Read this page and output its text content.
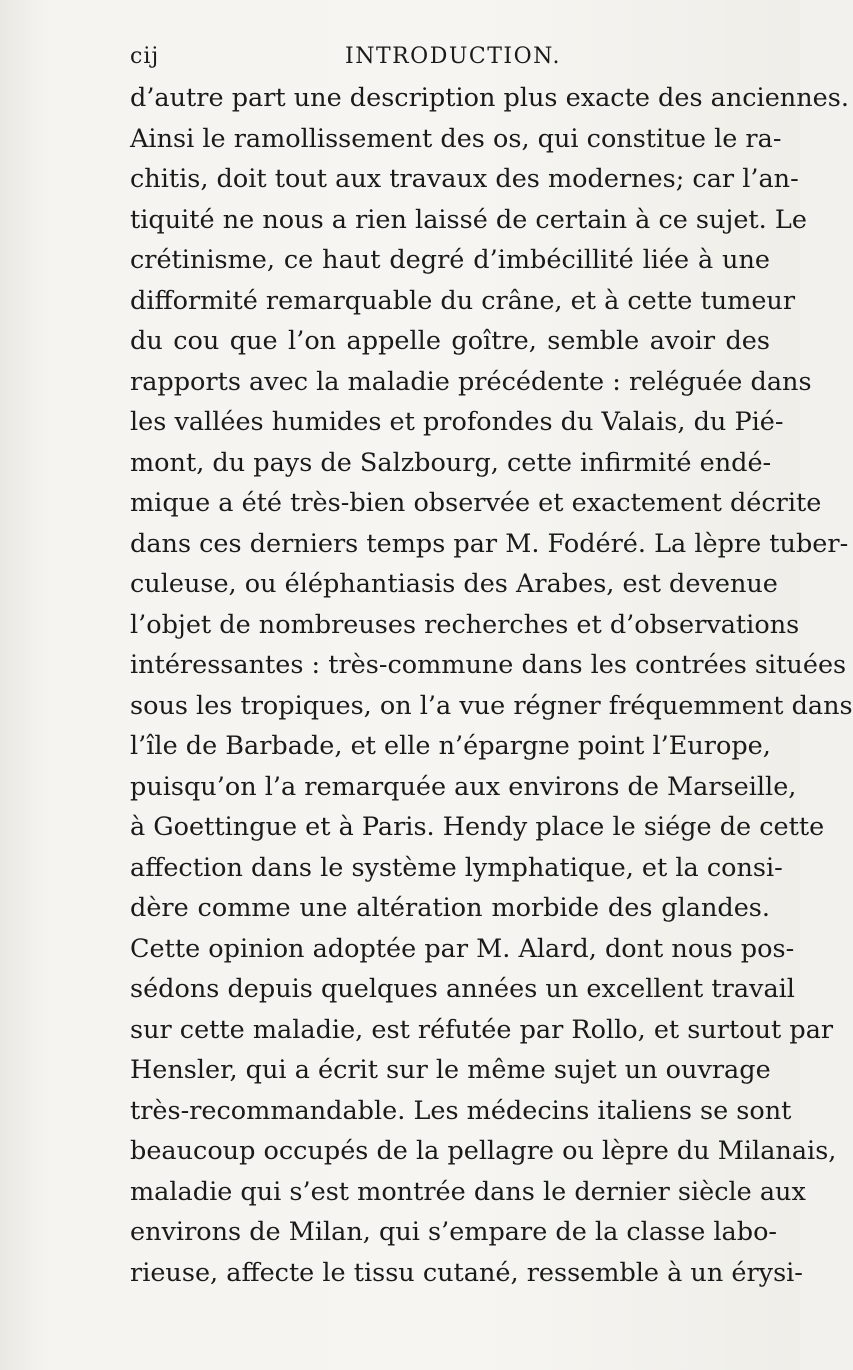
cij	INTRODUCTION.
d’autre part une description plus exacte des anciennes.
Ainsi le ramollissement des os, qui constitue le ra-
chitis, doit tout aux travaux des modernes; car l’an-
tiquité ne nous a rien laissé de certain à ce sujet. Le
crétinisme, ce haut degré d’imbécillité liée à une
difformité remarquable du crâne, et à cette tumeur
du cou que l’on appelle goître, semble avoir des
rapports avec la maladie précédente : reléguée dans
les vallées humides et profondes du Valais, du Pié-
mont, du pays de Salzbourg, cette infirmité endé-
mique a été très-bien observée et exactement décrite
dans ces derniers temps par M. Fodéré. La lèpre tuber-
culeuse, ou éléphantiasis des Arabes, est devenue
l’objet de nombreuses recherches et d’observations
intéressantes : très-commune dans les contrées situées
sous les tropiques, on l’a vue régner fréquemment dans
l’île de Barbade, et elle n’épargne point l’Europe,
puisqu’on l’a remarquée aux environs de Marseille,
à Goettingue et à Paris. Hendy place le siége de cette
affection dans le système lymphatique, et la consi-
dère comme une altération morbide des glandes.
Cette opinion adoptée par M. Alard, dont nous pos-
sédons depuis quelques années un excellent travail
sur cette maladie, est réfutée par Rollo, et surtout par
Hensler, qui a écrit sur le même sujet un ouvrage
très-recommandable. Les médecins italiens se sont
beaucoup occupés de la pellagre ou lèpre du Milanais,
maladie qui s’est montrée dans le dernier siècle aux
environs de Milan, qui s’empare de la classe labo-
rieuse, affecte le tissu cutané, ressemble à un érysi-
